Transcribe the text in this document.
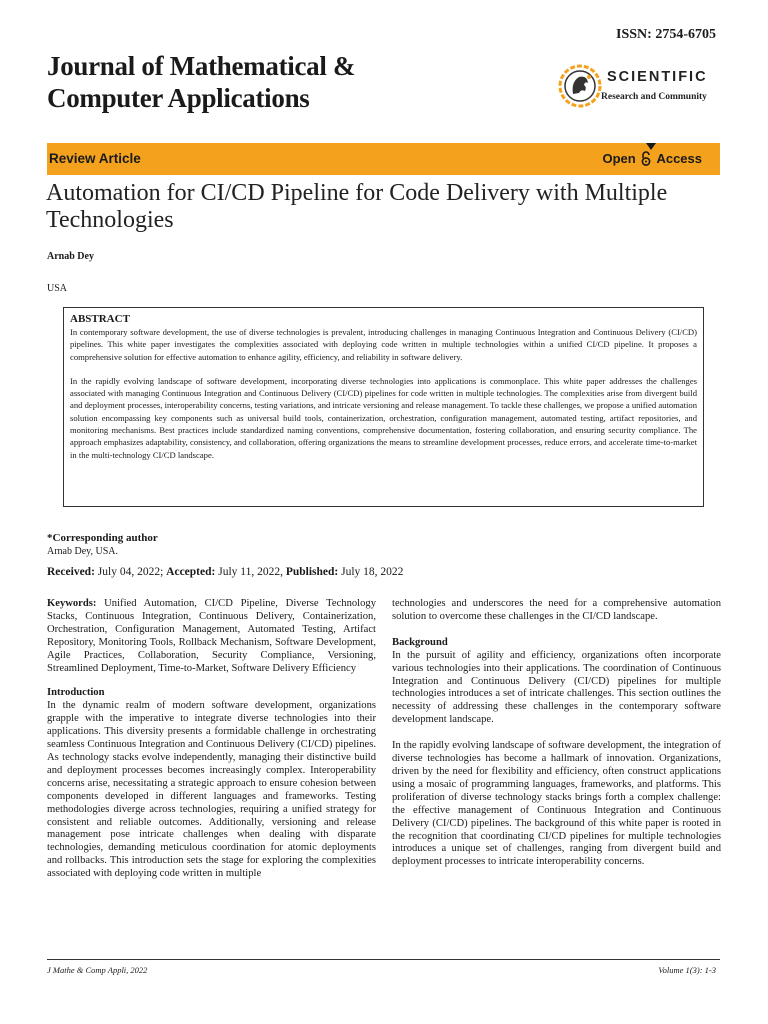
ISSN: 2754-6705
Journal of Mathematical & Computer Applications
SCIENTIFIC
Research and Community
Review Article	Open Access
Automation for CI/CD Pipeline for Code Delivery with Multiple Technologies
Arnab Dey
USA
ABSTRACT

In contemporary software development, the use of diverse technologies is prevalent, introducing challenges in managing Continuous Integration and Continuous Delivery (CI/CD) pipelines. This white paper investigates the complexities associated with deploying code written in multiple technologies within a unified CI/CD pipeline. It proposes a comprehensive solution for effective automation to enhance agility, efficiency, and reliability in software delivery.

In the rapidly evolving landscape of software development, incorporating diverse technologies into applications is commonplace. This white paper addresses the challenges associated with managing Continuous Integration and Continuous Delivery (CI/CD) pipelines for code written in multiple technologies. The complexities arise from divergent build and deployment processes, interoperability concerns, testing variations, and intricate versioning and release management. To tackle these challenges, we propose a unified automation solution encompassing key components such as universal build tools, containerization, orchestration, configuration management, automated testing, artifact repositories, and monitoring mechanisms. Best practices include standardized naming conventions, comprehensive documentation, fostering collaboration, and ensuring security compliance. The approach emphasizes adaptability, consistency, and collaboration, offering organizations the means to streamline development processes, reduce errors, and accelerate time-to-market in the multi-technology CI/CD landscape.

*Corresponding author
Arnab Dey, USA.
Received: July 04, 2022; Accepted: July 11, 2022, Published: July 18, 2022

Keywords: Unified Automation, CI/CD Pipeline, Diverse Technology Stacks, Continuous Integration, Continuous Delivery, Containerization, Orchestration, Configuration Management, Automated Testing, Artifact Repository, Monitoring Tools, Rollback Mechanism, Software Development, Agile Practices, Collaboration, Security Compliance, Versioning, Streamlined Deployment, Time-to-Market, Software Delivery Efficiency

Introduction

In the dynamic realm of modern software development, organizations grapple with the imperative to integrate diverse technologies into their applications. This diversity presents a formidable challenge in orchestrating seamless Continuous Integration and Continuous Delivery (CI/CD) pipelines. As technology stacks evolve independently, managing their distinctive build and deployment processes becomes increasingly complex. Interoperability concerns arise, necessitating a strategic approach to ensure cohesion between components developed in different languages and frameworks. Testing methodologies diverge across technologies, requiring a unified strategy for consistent and reliable outcomes. Additionally, versioning and release management pose intricate challenges when dealing with disparate technologies, demanding meticulous coordination for atomic deployments and rollbacks. This introduction sets the stage for exploring the complexities associated with deploying code written in multiple

technologies and underscores the need for a comprehensive automation solution to overcome these challenges in the CI/CD landscape.

Background

In the pursuit of agility and efficiency, organizations often incorporate various technologies into their applications. The coordination of Continuous Integration and Continuous Delivery (CI/CD) pipelines for multiple technologies introduces a set of intricate challenges. This section outlines the necessity of addressing these challenges in the contemporary software development landscape.

In the rapidly evolving landscape of software development, the integration of diverse technologies has become a hallmark of innovation. Organizations, driven by the need for flexibility and efficiency, often construct applications using a mosaic of programming languages, frameworks, and platforms. This proliferation of diverse technology stacks brings forth a complex challenge: the effective management of Continuous Integration and Continuous Delivery (CI/CD) pipelines. The background of this white paper is rooted in the recognition that coordinating CI/CD pipelines for multiple technologies introduces a unique set of challenges, ranging from divergent build and deployment processes to intricate interoperability concerns.

J Mathe & Comp Appli, 2022	Volume 1(3): 1-3
